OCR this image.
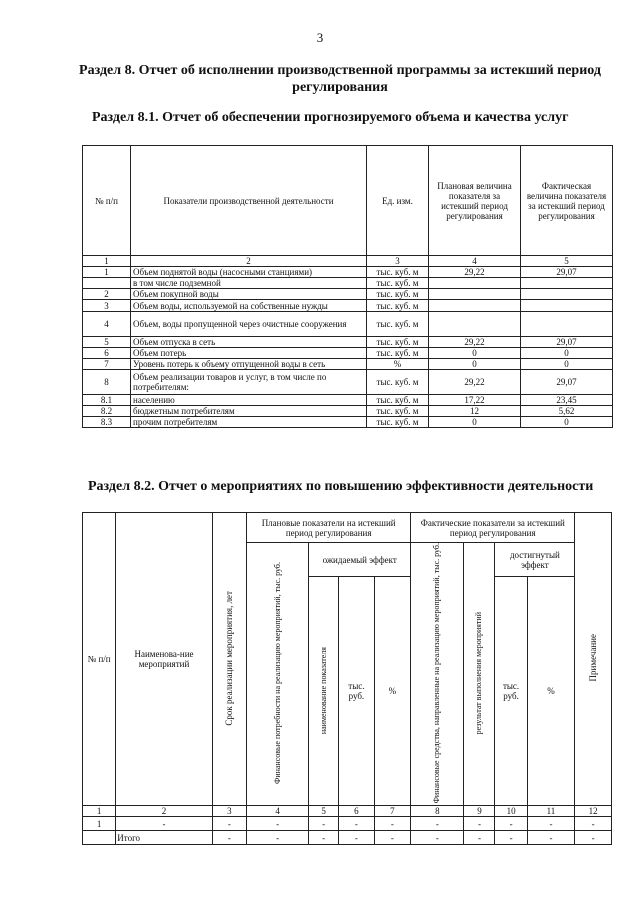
3
Раздел 8. Отчет об исполнении производственной программы за истекший период регулирования
Раздел 8.1. Отчет об обеспечении прогнозируемого объема и качества услуг
№ п/п	Показатели производственной деятельности	Ед. изм.	Плановая величина показателя за истекший период регулирования	Фактическая величина показателя за истекший период регулирования
1	2	3	4	5
1	Объем поднятой воды (насосными станциями)	тыс. куб. м	29,22	29,07
	в том числе подземной	тыс. куб. м		
2	Объем покупной воды	тыс. куб. м		
3	Объем воды, используемой на собственные нужды	тыс. куб. м		
4	Объем, воды пропущенной через очистные сооружения	тыс. куб. м		
5	Объем отпуска в сеть	тыс. куб. м	29,22	29,07
6	Объем потерь	тыс. куб. м	0	0
7	Уровень потерь к объему отпущенной воды в сеть	%	0	0
8	Объем реализации товаров и услуг, в том числе по потребителям:	тыс. куб. м	29,22	29,07
8.1	населению	тыс. куб. м	17,22	23,45
8.2	бюджетным потребителям	тыс. куб. м	12	5,62
8.3	прочим потребителям	тыс. куб. м	0	0
Раздел 8.2. Отчет о мероприятиях по повышению эффективности деятельности
№ п/п	Наименова-ние мероприятий	Срок реализации мероприятия, лет	Плановые показатели на истекший период регулирования				Фактические показатели за истекший период регулирования				Примечание
			Финансовые потребности на реализацию мероприятий, тыс. руб.	ожидаемый эффект			Финансовые средства, направленные на реализацию мероприятий, тыс. руб.	результат выполнения мероприятий	достигнутый эффект		
				наименование показателя	тыс. руб.	%			тыс. руб.	%	

1	2	3	4	5	6	7	8	9	10	11	12
1	-	-	-	-	-	-	-	-	-	-	-
	Итого	-	-	-	-	-	-	-	-	-	-
